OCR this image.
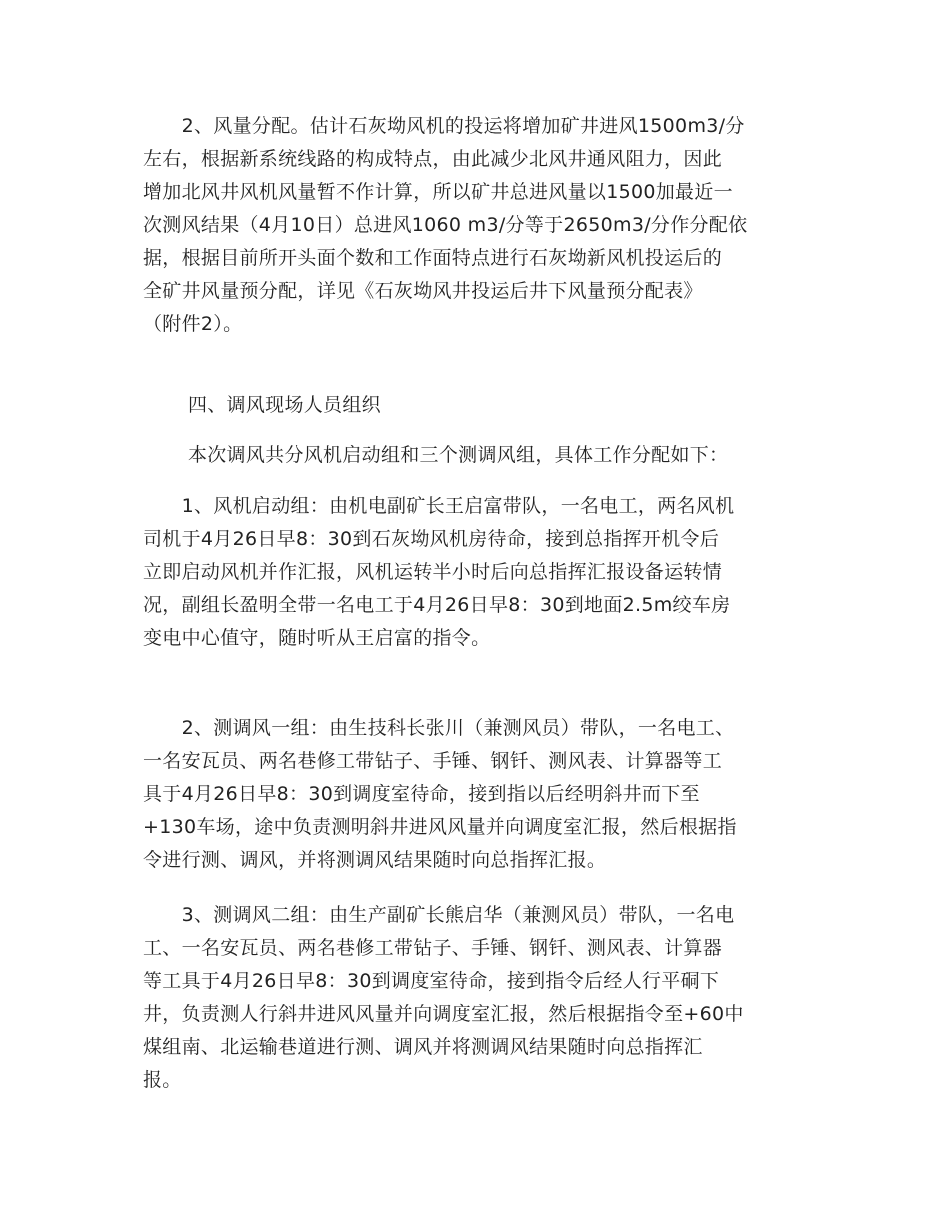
　　2、风量分配。估计石灰坳风机的投运将增加矿井进风1500m3/分
左右，根据新系统线路的构成特点，由此减少北风井通风阻力，因此
增加北风井风机风量暂不作计算，所以矿井总进风量以1500加最近一
次测风结果（4月10日）总进风1060 m3/分等于2650m3/分作分配依
据，根据目前所开头面个数和工作面特点进行石灰坳新风机投运后的
全矿井风量预分配，详见《石灰坳风井投运后井下风量预分配表》
（附件2）。
　　 四、调风现场人员组织
　　 本次调风共分风机启动组和三个测调风组，具体工作分配如下：
　　1、风机启动组：由机电副矿长王启富带队，一名电工，两名风机
司机于4月26日早8：30到石灰坳风机房待命，接到总指挥开机令后
立即启动风机并作汇报，风机运转半小时后向总指挥汇报设备运转情
况，副组长盈明全带一名电工于4月26日早8：30到地面2.5m绞车房
变电中心值守，随时听从王启富的指令。
　　2、测调风一组：由生技科长张川（兼测风员）带队，一名电工、
一名安瓦员、两名巷修工带钻子、手锤、钢钎、测风表、计算器等工
具于4月26日早8：30到调度室待命，接到指以后经明斜井而下至
+130车场，途中负责测明斜井进风风量并向调度室汇报，然后根据指
令进行测、调风，并将测调风结果随时向总指挥汇报。
　　3、测调风二组：由生产副矿长熊启华（兼测风员）带队，一名电
工、一名安瓦员、两名巷修工带钻子、手锤、钢钎、测风表、计算器
等工具于4月26日早8：30到调度室待命，接到指令后经人行平硐下
井，负责测人行斜井进风风量并向调度室汇报，然后根据指令至+60中
煤组南、北运输巷道进行测、调风并将测调风结果随时向总指挥汇
报。
